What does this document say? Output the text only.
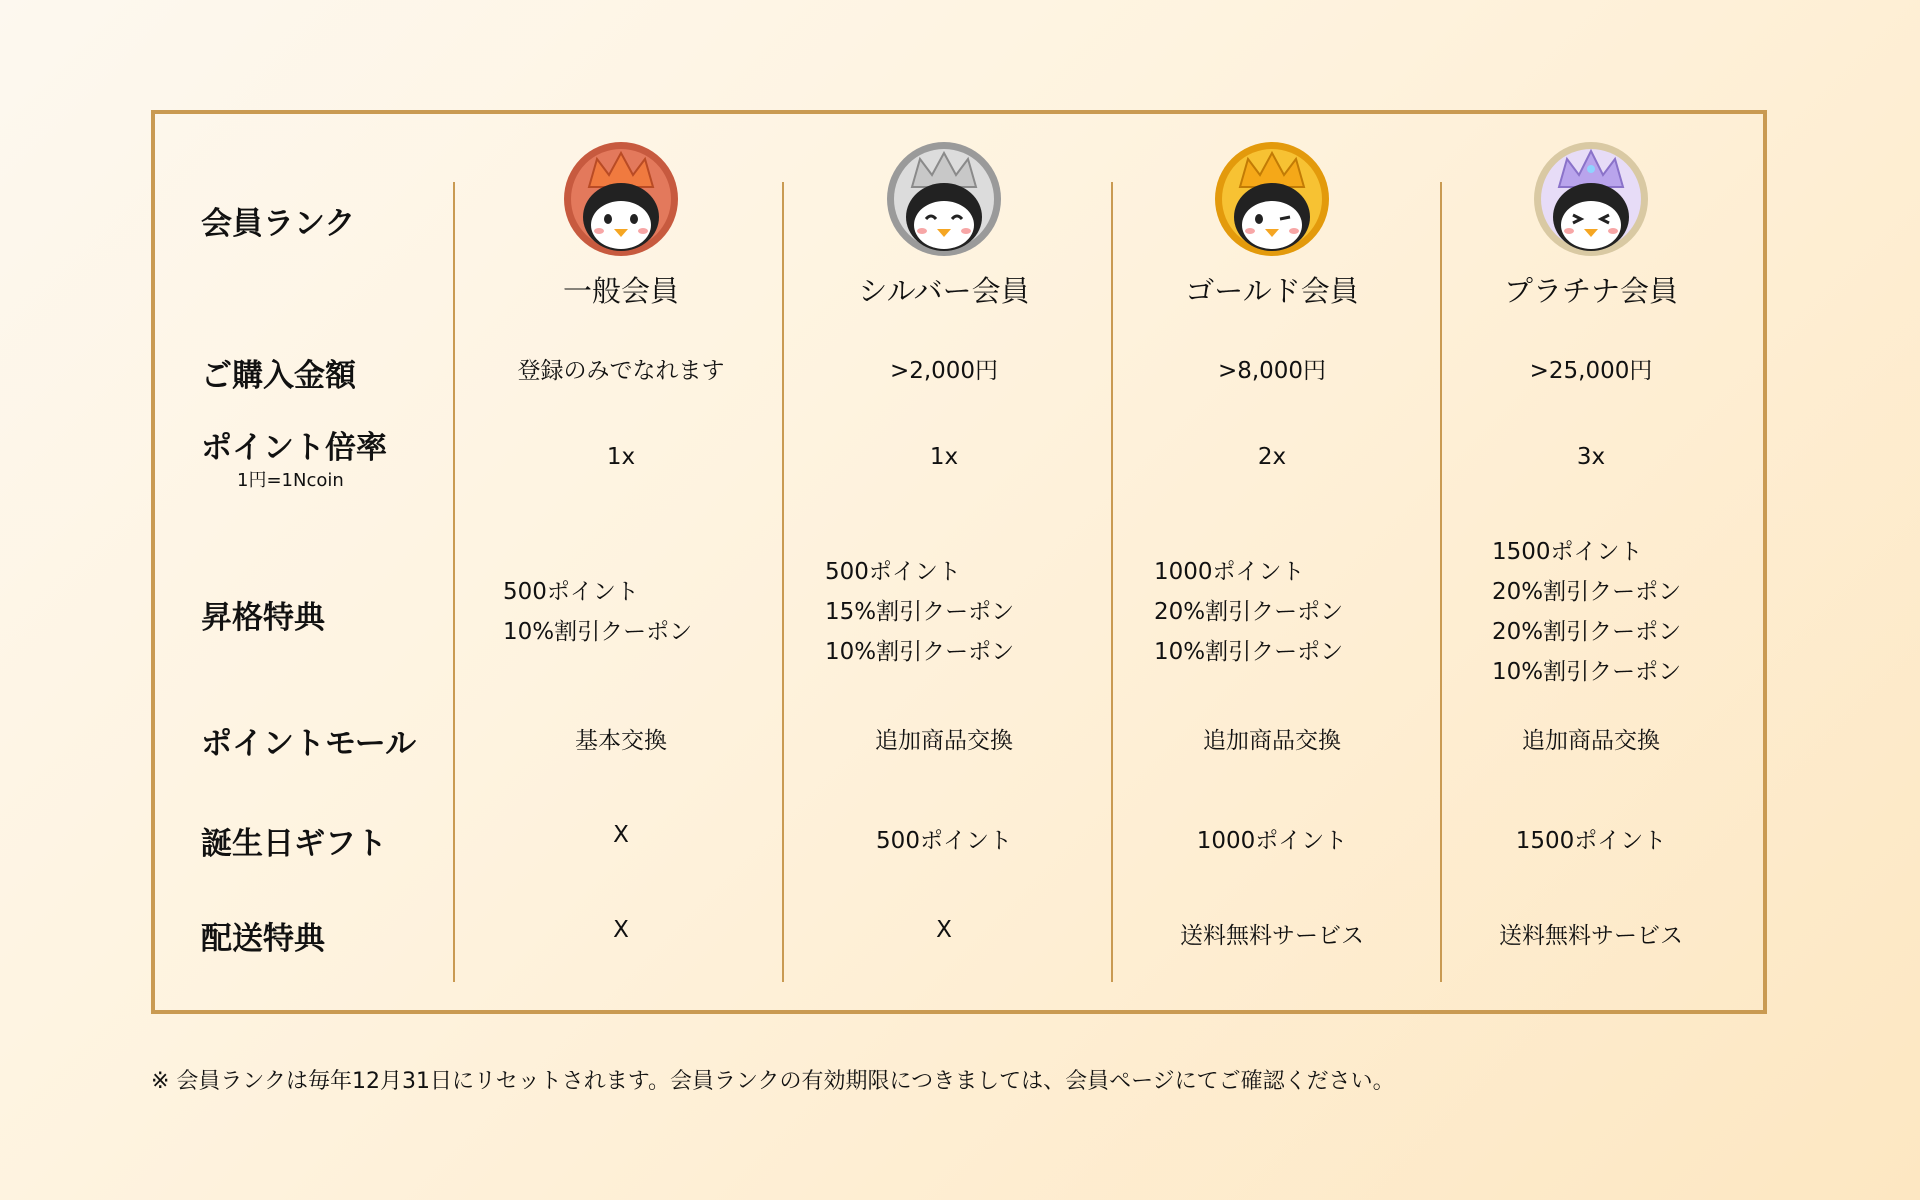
会員ランク
ご購入金額
ポイント倍率
1円=1Ncoin
昇格特典
ポイントモール
誕生日ギフト
配送特典
一般会員
登録のみでなれます
1x
500ポイント
10%割引クーポン
基本交換
X
X
シルバー会員
>2,000円
1x
500ポイント
15%割引クーポン
10%割引クーポン
追加商品交換
500ポイント
X
ゴールド会員
>8,000円
2x
1000ポイント
20%割引クーポン
10%割引クーポン
追加商品交換
1000ポイント
送料無料サービス
プラチナ会員
>25,000円
3x
1500ポイント
20%割引クーポン
20%割引クーポン
10%割引クーポン
追加商品交換
1500ポイント
送料無料サービス
※ 会員ランクは毎年12月31日にリセットされます。会員ランクの有効期限につきましては、会員ページにてご確認ください。
